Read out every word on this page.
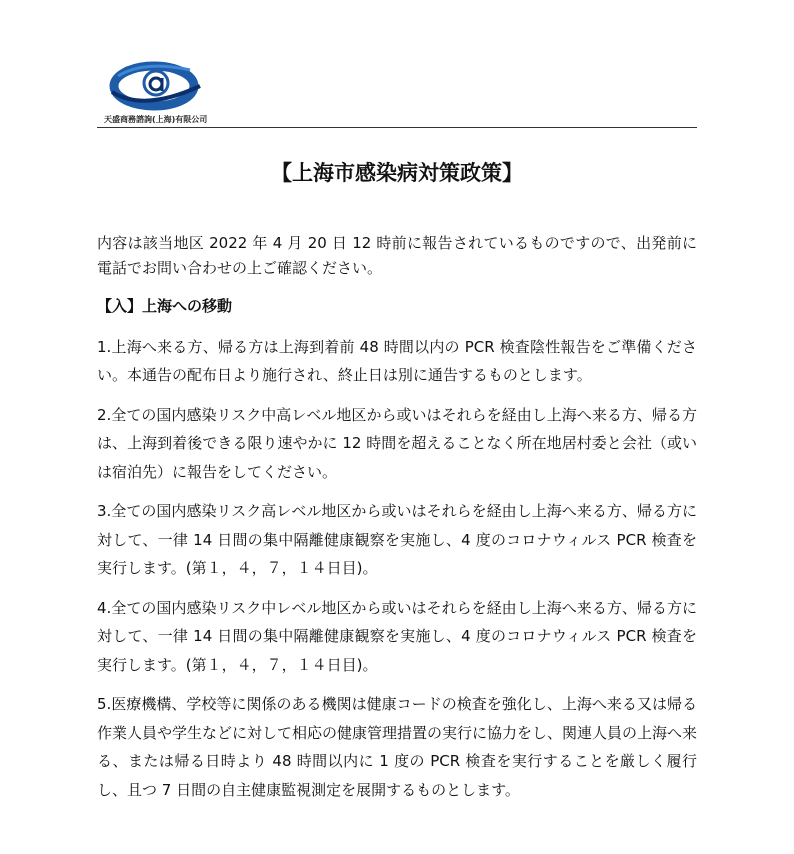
天盛商務諮詢(上海)有限公司
【上海市感染病対策政策】

内容は該当地区 2022 年 4 月 20 日 12 時前に報告されているものですので、出発前に電話でお問い合わせの上ご確認ください。

【入】上海への移動

1.上海へ来る方、帰る方は上海到着前 48 時間以内の PCR 検査陰性報告をご準備ください。本通告の配布日より施行され、終止日は別に通告するものとします。

2.全ての国内感染リスク中高レベル地区から或いはそれらを経由し上海へ来る方、帰る方は、上海到着後できる限り速やかに 12 時間を超えることなく所在地居村委と会社（或いは宿泊先）に報告をしてください。

3.全ての国内感染リスク高レベル地区から或いはそれらを経由し上海へ来る方、帰る方に対して、一律 14 日間の集中隔離健康観察を実施し、4 度のコロナウィルス PCR 検査を実行します。(第１，４，７，１４日目)。

4.全ての国内感染リスク中レベル地区から或いはそれらを経由し上海へ来る方、帰る方に対して、一律 14 日間の集中隔離健康観察を実施し、4 度のコロナウィルス PCR 検査を実行します。(第１，４，７，１４日目)。

5.医療機構、学校等に関係のある機関は健康コードの検査を強化し、上海へ来る又は帰る作業人員や学生などに対して相応の健康管理措置の実行に協力をし、関連人員の上海へ来る、または帰る日時より 48 時間以内に 1 度の PCR 検査を実行することを厳しく履行し、且つ 7 日間の自主健康監視測定を展開するものとします。
